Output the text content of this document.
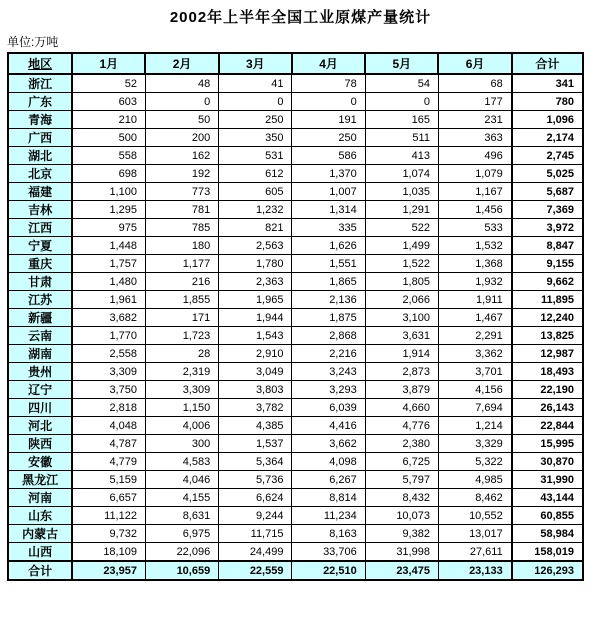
2002年上半年全国工业原煤产量统计
单位:万吨
地区	1月	2月	3月	4月	5月	6月	合计
浙江	52	48	41	78	54	68	341
广东	603	0	0	0	0	177	780
青海	210	50	250	191	165	231	1,096
广西	500	200	350	250	511	363	2,174
湖北	558	162	531	586	413	496	2,745
北京	698	192	612	1,370	1,074	1,079	5,025
福建	1,100	773	605	1,007	1,035	1,167	5,687
吉林	1,295	781	1,232	1,314	1,291	1,456	7,369
江西	975	785	821	335	522	533	3,972
宁夏	1,448	180	2,563	1,626	1,499	1,532	8,847
重庆	1,757	1,177	1,780	1,551	1,522	1,368	9,155
甘肃	1,480	216	2,363	1,865	1,805	1,932	9,662
江苏	1,961	1,855	1,965	2,136	2,066	1,911	11,895
新疆	3,682	171	1,944	1,875	3,100	1,467	12,240
云南	1,770	1,723	1,543	2,868	3,631	2,291	13,825
湖南	2,558	28	2,910	2,216	1,914	3,362	12,987
贵州	3,309	2,319	3,049	3,243	2,873	3,701	18,493
辽宁	3,750	3,309	3,803	3,293	3,879	4,156	22,190
四川	2,818	1,150	3,782	6,039	4,660	7,694	26,143
河北	4,048	4,006	4,385	4,416	4,776	1,214	22,844
陕西	4,787	300	1,537	3,662	2,380	3,329	15,995
安徽	4,779	4,583	5,364	4,098	6,725	5,322	30,870
黑龙江	5,159	4,046	5,736	6,267	5,797	4,985	31,990
河南	6,657	4,155	6,624	8,814	8,432	8,462	43,144
山东	11,122	8,631	9,244	11,234	10,073	10,552	60,855
内蒙古	9,732	6,975	11,715	8,163	9,382	13,017	58,984
山西	18,109	22,096	24,499	33,706	31,998	27,611	158,019
合计	23,957	10,659	22,559	22,510	23,475	23,133	126,293
